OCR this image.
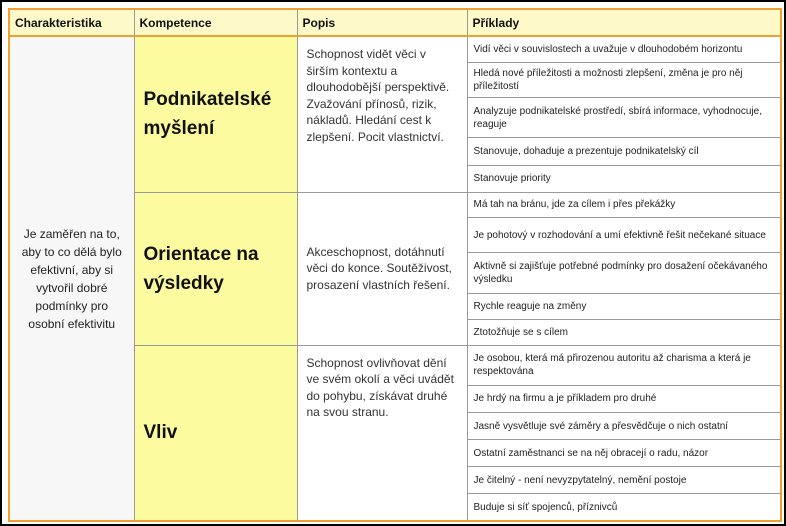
Charakteristika	Kompetence	Popis	Příklady
Je zaměřen na to, aby to co dělá bylo efektivní, aby si vytvořil dobré podmínky pro osobní efektivitu	Podnikatelské myšlení	Schopnost vidět věci v širším kontextu a dlouhodobější perspektivě. Zvažování přínosů, rizik, nákladů. Hledání cest k zlepšení. Pocit vlastnictví.	Vidí věci v souvislostech a uvažuje v dlouhodobém horizontu
			Hledá nové příležitosti a možnosti zlepšení, změna je pro něj příležitostí
			Analyzuje podnikatelské prostředí, sbírá informace, vyhodnocuje, reaguje
			Stanovuje, dohaduje a prezentuje podnikatelský cíl
			Stanovuje priority
	Orientace na výsledky	Akceschopnost, dotáhnutí věci do konce. Soutěživost, prosazení vlastních řešení.	Má tah na bránu, jde za cílem i přes překážky
			Je pohotový v rozhodování a umí efektivně řešit nečekané situace
			Aktivně si zajišťuje potřebné podmínky pro dosažení očekávaného výsledku
			Rychle reaguje na změny
			Ztotožňuje se s cílem
	Vliv	Schopnost ovlivňovat dění ve svém okolí a věci uvádět do pohybu, získávat druhé na svou stranu.	Je osobou, která má přirozenou autoritu až charisma a která je respektována
			Je hrdý na firmu a je příkladem pro druhé
			Jasně vysvětluje své záměry a přesvědčuje o nich ostatní
			Ostatní zaměstnanci se na něj obracejí o radu, názor
			Je čitelný - není nevyzpytatelný, nemění postoje
			Buduje si síť spojenců, příznivců
